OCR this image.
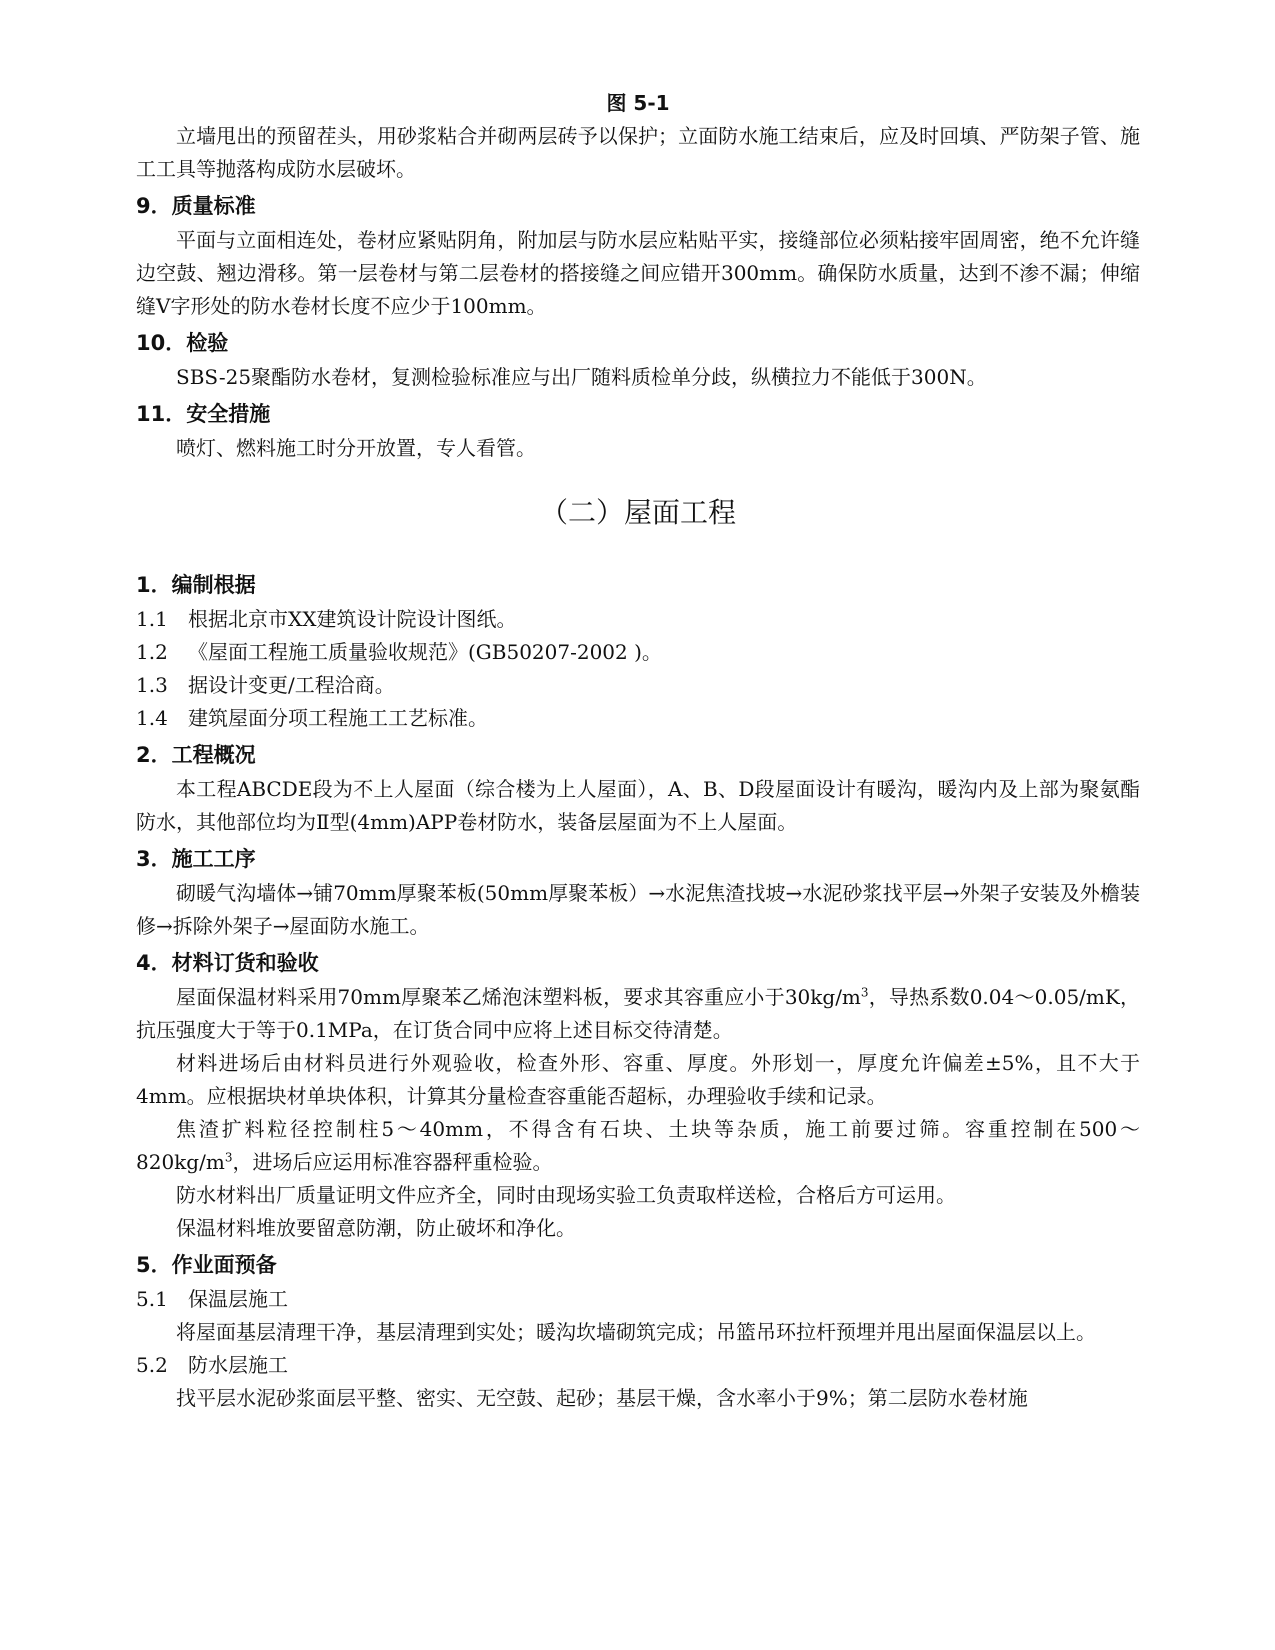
图 5-1

立墙甩出的预留茬头，用砂浆粘合并砌两层砖予以保护；立面防水施工结束后，应及时回填、严防架子管、施工工具等抛落构成防水层破坏。

9．质量标准

平面与立面相连处，卷材应紧贴阴角，附加层与防水层应粘贴平实，接缝部位必须粘接牢固周密，绝不允许缝边空鼓、翘边滑移。第一层卷材与第二层卷材的搭接缝之间应错开300mm。确保防水质量，达到不渗不漏；伸缩缝V字形处的防水卷材长度不应少于100mm。

10．检验

SBS-25聚酯防水卷材，复测检验标准应与出厂随料质检单分歧，纵横拉力不能低于300N。

11．安全措施

喷灯、燃料施工时分开放置，专人看管。

（二）屋面工程
1．编制根据

1.1 根据北京市XX建筑设计院设计图纸。

1.2 《屋面工程施工质量验收规范》(GB50207-2002 )。

1.3 据设计变更/工程洽商。

1.4 建筑屋面分项工程施工工艺标准。

2．工程概况

本工程ABCDE段为不上人屋面（综合楼为上人屋面），A、B、D段屋面设计有暖沟，暖沟内及上部为聚氨酯防水，其他部位均为Ⅱ型(4mm)APP卷材防水，装备层屋面为不上人屋面。

3．施工工序

砌暖气沟墙体→铺70mm厚聚苯板(50mm厚聚苯板）→水泥焦渣找坡→水泥砂浆找平层→外架子安装及外檐装修→拆除外架子→屋面防水施工。

4．材料订货和验收

屋面保温材料采用70mm厚聚苯乙烯泡沫塑料板，要求其容重应小于$30kg/m^3$，导热系数0.04～0.05/mK，抗压强度大于等于0.1MPa，在订货合同中应将上述目标交待清楚。

材料进场后由材料员进行外观验收，检查外形、容重、厚度。外形划一，厚度允许偏差±5%，且不大于4mm。应根据块材单块体积，计算其分量检查容重能否超标，办理验收手续和记录。

焦渣扩料粒径控制柱5～40mm，不得含有石块、土块等杂质，施工前要过筛。容重控制在$500\sim 820kg/m^3$，进场后应运用标准容器秤重检验。

防水材料出厂质量证明文件应齐全，同时由现场实验工负责取样送检，合格后方可运用。

保温材料堆放要留意防潮，防止破坏和净化。

5．作业面预备

5.1 保温层施工

将屋面基层清理干净，基层清理到实处；暖沟坎墙砌筑完成；吊篮吊环拉杆预埋并甩出屋面保温层以上。

5.2 防水层施工

找平层水泥砂浆面层平整、密实、无空鼓、起砂；基层干燥，含水率小于9%；第二层防水卷材施
